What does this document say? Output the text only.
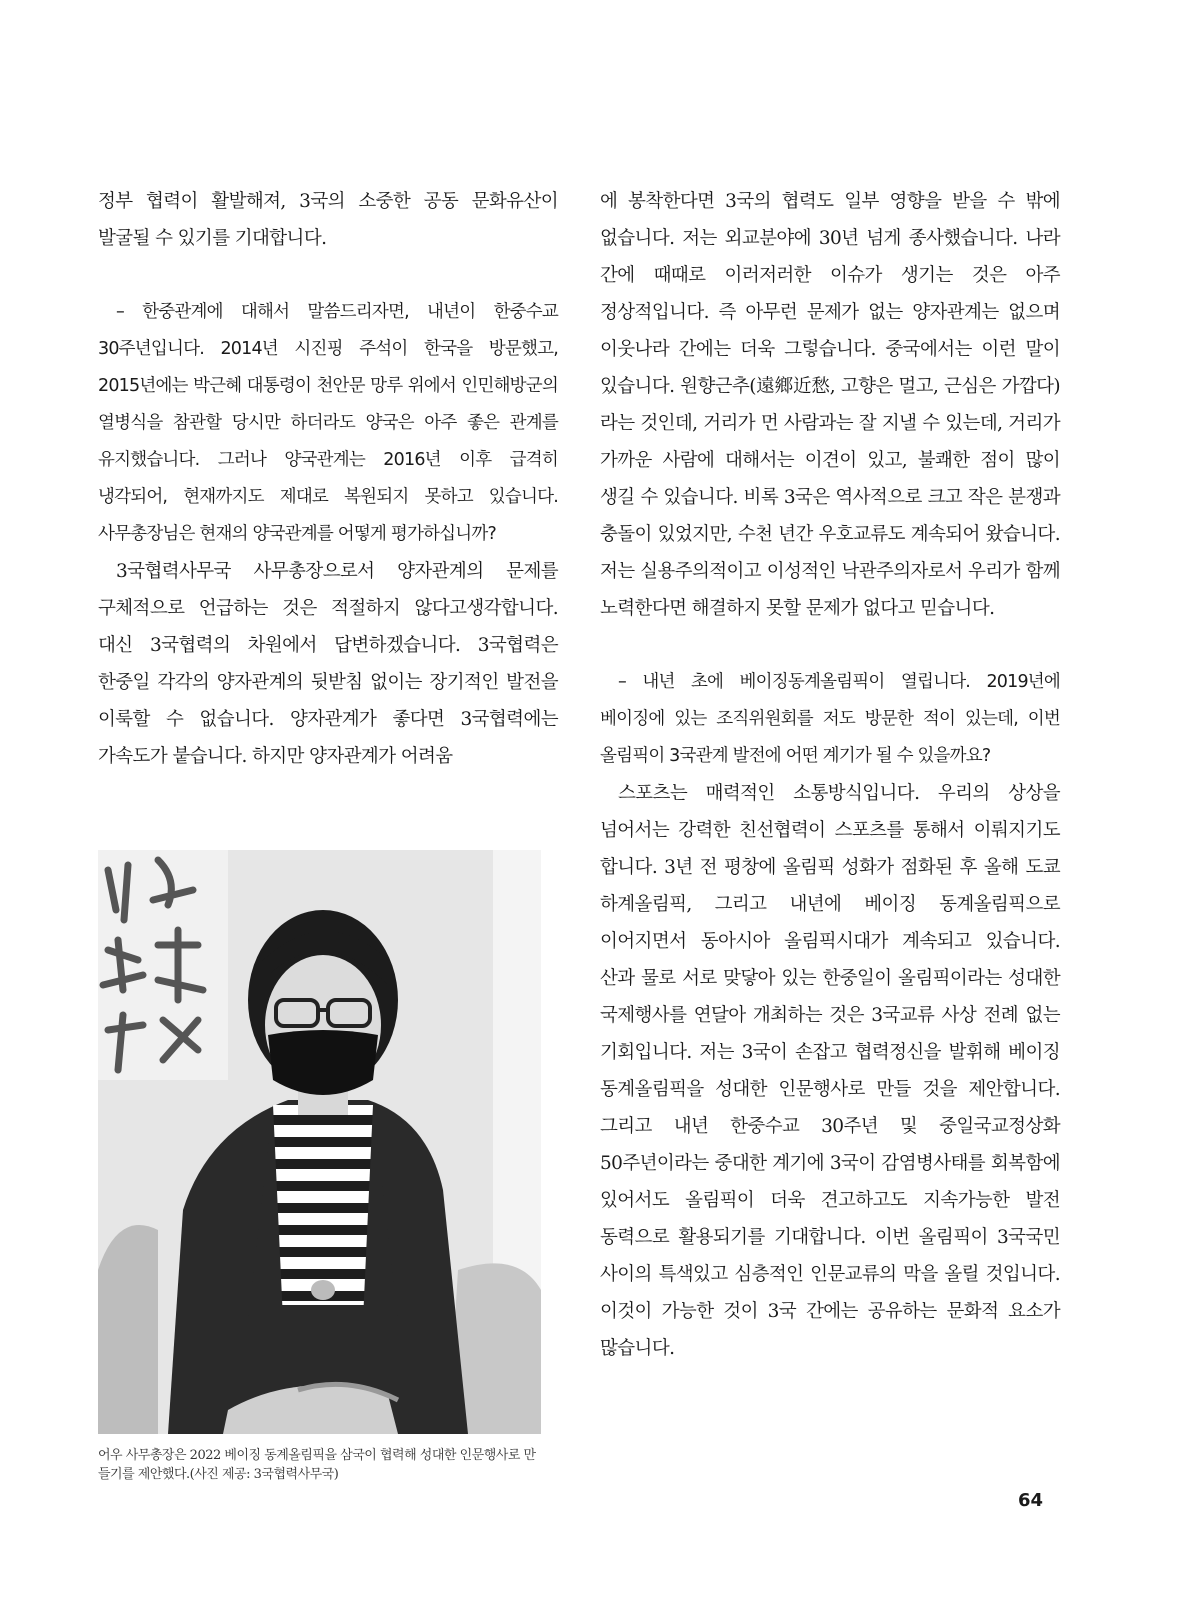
정부 협력이 활발해져, 3국의 소중한 공동 문화유산이 발굴될 수 있기를 기대합니다.

– 한중관계에 대해서 말씀드리자면, 내년이 한중수교 30주년입니다. 2014년 시진핑 주석이 한국을 방문했고, 2015년에는 박근혜 대통령이 천안문 망루 위에서 인민해방군의 열병식을 참관할 당시만 하더라도 양국은 아주 좋은 관계를 유지했습니다. 그러나 양국관계는 2016년 이후 급격히 냉각되어, 현재까지도 제대로 복원되지 못하고 있습니다. 사무총장님은 현재의 양국관계를 어떻게 평가하십니까?

3국협력사무국 사무총장으로서 양자관계의 문제를 구체적으로 언급하는 것은 적절하지 않다고생각합니다. 대신 3국협력의 차원에서 답변하겠습니다. 3국협력은 한중일 각각의 양자관계의 뒷받침 없이는 장기적인 발전을 이룩할 수 없습니다. 양자관계가 좋다면 3국협력에는 가속도가 붙습니다. 하지만 양자관계가 어려움

어우 사무총장은 2022 베이징 동계올림픽을 삼국이 협력해 성대한 인문행사로 만들기를 제안했다.(사진 제공: 3국협력사무국)

에 봉착한다면 3국의 협력도 일부 영향을 받을 수 밖에 없습니다. 저는 외교분야에 30년 넘게 종사했습니다. 나라 간에 때때로 이러저러한 이슈가 생기는 것은 아주 정상적입니다. 즉 아무런 문제가 없는 양자관계는 없으며 이웃나라 간에는 더욱 그렇습니다. 중국에서는 이런 말이 있습니다. 원향근추(遠鄉近愁, 고향은 멀고, 근심은 가깝다)라는 것인데, 거리가 먼 사람과는 잘 지낼 수 있는데, 거리가 가까운 사람에 대해서는 이견이 있고, 불쾌한 점이 많이 생길 수 있습니다. 비록 3국은 역사적으로 크고 작은 분쟁과 충돌이 있었지만, 수천 년간 우호교류도 계속되어 왔습니다. 저는 실용주의적이고 이성적인 낙관주의자로서 우리가 함께 노력한다면 해결하지 못할 문제가 없다고 믿습니다.

– 내년 초에 베이징동계올림픽이 열립니다. 2019년에 베이징에 있는 조직위원회를 저도 방문한 적이 있는데, 이번 올림픽이 3국관계 발전에 어떤 계기가 될 수 있을까요?

스포츠는 매력적인 소통방식입니다. 우리의 상상을 넘어서는 강력한 친선협력이 스포츠를 통해서 이뤄지기도 합니다. 3년 전 평창에 올림픽 성화가 점화된 후 올해 도쿄 하계올림픽, 그리고 내년에 베이징 동계올림픽으로 이어지면서 동아시아 올림픽시대가 계속되고 있습니다. 산과 물로 서로 맞닿아 있는 한중일이 올림픽이라는 성대한 국제행사를 연달아 개최하는 것은 3국교류 사상 전례 없는 기회입니다. 저는 3국이 손잡고 협력정신을 발휘해 베이징 동계올림픽을 성대한 인문행사로 만들 것을 제안합니다. 그리고 내년 한중수교 30주년 및 중일국교정상화 50주년이라는 중대한 계기에 3국이 감염병사태를 회복함에 있어서도 올림픽이 더욱 견고하고도 지속가능한 발전 동력으로 활용되기를 기대합니다. 이번 올림픽이 3국국민 사이의 특색있고 심층적인 인문교류의 막을 올릴 것입니다. 이것이 가능한 것이 3국 간에는 공유하는 문화적 요소가 많습니다.

64
